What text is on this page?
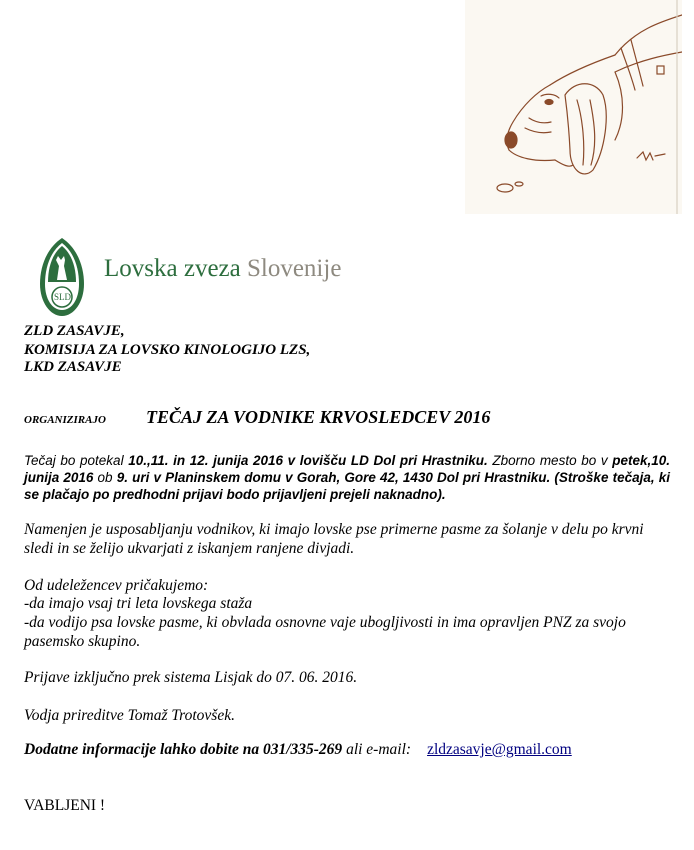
SLD
Lovska zveza Slovenije
ZLD ZASAVJE,
KOMISIJA ZA LOVSKO KINOLOGIJO LZS,
LKD ZASAVJE
ORGANIZIRAJO TEČAJ ZA VODNIKE KRVOSLEDCEV 2016
Tečaj bo potekal 10.,11. in 12. junija 2016 v lovišču LD Dol pri Hrastniku. Zborno mesto bo v petek,10. junija 2016 ob 9. uri v Planinskem domu v Gorah, Gore 42, 1430 Dol pri Hrastniku. (Stroške tečaja, ki se plačajo po predhodni prijavi bodo prijavljeni prejeli naknadno).
Namenjen je usposabljanju vodnikov, ki imajo lovske pse primerne pasme za šolanje v delu po krvni sledi in se želijo ukvarjati z iskanjem ranjene divjadi.
Od udeležencev pričakujemo:
-da imajo vsaj tri leta lovskega staža
-da vodijo psa lovske pasme, ki obvlada osnovne vaje ubogljivosti in ima opravljen PNZ za svojo pasemsko skupino.
Prijave izključno prek sistema Lisjak do 07. 06. 2016.
Vodja prireditve Tomaž Trotovšek.
Dodatne informacije lahko dobite na 031/335-269 ali e-mail: zldzasavje@gmail.com
VABLJENI !
